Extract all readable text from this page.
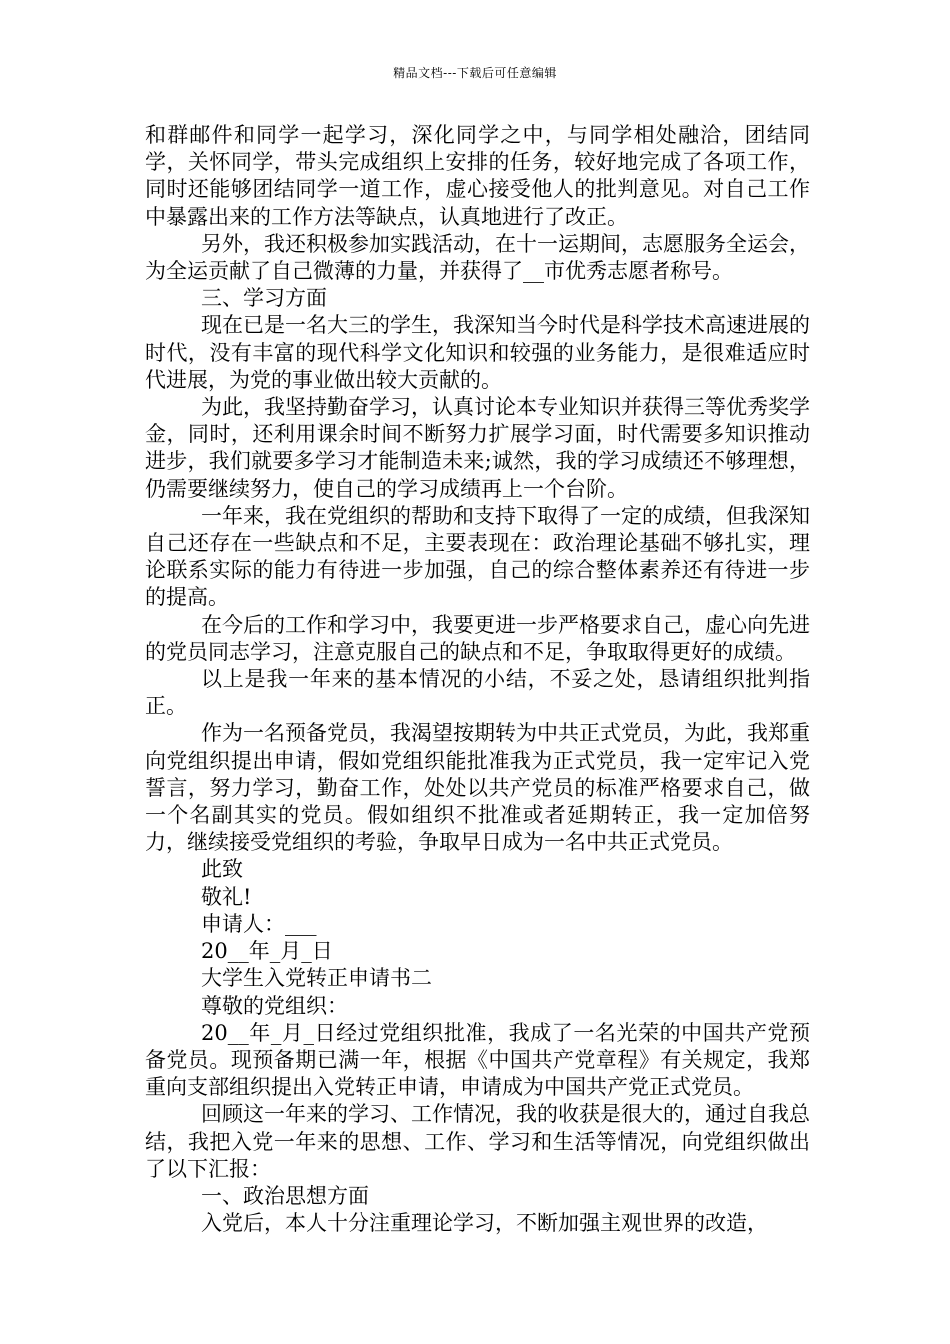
精品文档---下载后可任意编辑

和群邮件和同学一起学习，深化同学之中，与同学相处融洽，团结同学，关怀同学，带头完成组织上安排的任务，较好地完成了各项工作，同时还能够团结同学一道工作，虚心接受他人的批判意见。对自己工作中暴露出来的工作方法等缺点，认真地进行了改正。

另外，我还积极参加实践活动，在十一运期间，志愿服务全运会，为全运贡献了自己微薄的力量，并获得了__市优秀志愿者称号。

三、学习方面

现在已是一名大三的学生，我深知当今时代是科学技术高速进展的时代，没有丰富的现代科学文化知识和较强的业务能力，是很难适应时代进展，为党的事业做出较大贡献的。

为此，我坚持勤奋学习，认真讨论本专业知识并获得三等优秀奖学金，同时，还利用课余时间不断努力扩展学习面，时代需要多知识推动进步，我们就要多学习才能制造未来;诚然，我的学习成绩还不够理想，仍需要继续努力，使自己的学习成绩再上一个台阶。

一年来，我在党组织的帮助和支持下取得了一定的成绩，但我深知自己还存在一些缺点和不足，主要表现在：政治理论基础不够扎实，理论联系实际的能力有待进一步加强，自己的综合整体素养还有待进一步的提高。

在今后的工作和学习中，我要更进一步严格要求自己，虚心向先进的党员同志学习，注意克服自己的缺点和不足，争取取得更好的成绩。

以上是我一年来的基本情况的小结，不妥之处，恳请组织批判指正。

作为一名预备党员，我渴望按期转为中共正式党员，为此，我郑重向党组织提出申请，假如党组织能批准我为正式党员，我一定牢记入党誓言，努力学习，勤奋工作，处处以共产党员的标准严格要求自己，做一个名副其实的党员。假如组织不批准或者延期转正，我一定加倍努力，继续接受党组织的考验，争取早日成为一名中共正式党员。

此致

敬礼!

申请人：___

20__年_月_日

大学生入党转正申请书二

尊敬的党组织：

20__年_月_日经过党组织批准，我成了一名光荣的中国共产党预备党员。现预备期已满一年，根据《中国共产党章程》有关规定，我郑重向支部组织提出入党转正申请，申请成为中国共产党正式党员。

回顾这一年来的学习、工作情况，我的收获是很大的，通过自我总结，我把入党一年来的思想、工作、学习和生活等情况，向党组织做出了以下汇报：

一、政治思想方面

入党后，本人十分注重理论学习，不断加强主观世界的改造，
